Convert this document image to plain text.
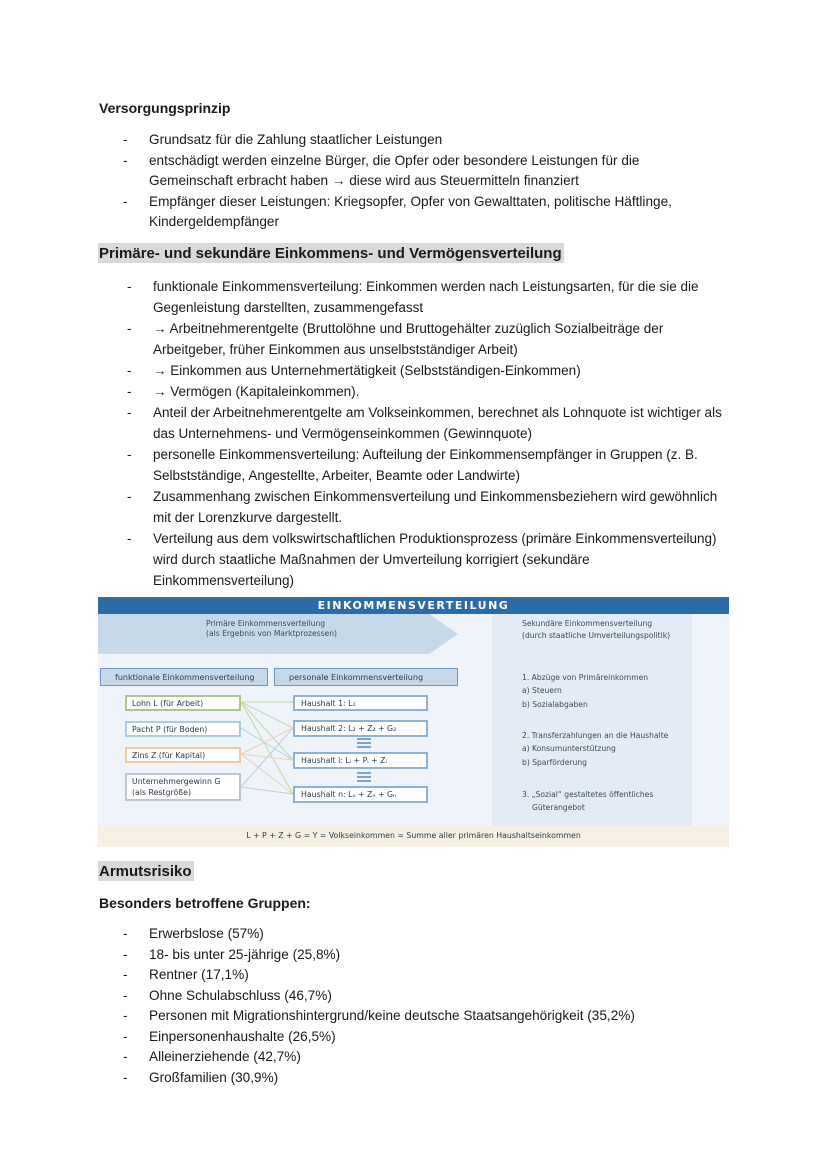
Versorgungsprinzip
- Grundsatz für die Zahlung staatlicher Leistungen
- entschädigt werden einzelne Bürger, die Opfer oder besondere Leistungen für die Gemeinschaft erbracht haben → diese wird aus Steuermitteln finanziert
- Empfänger dieser Leistungen: Kriegsopfer, Opfer von Gewalttaten, politische Häftlinge, Kindergeldempfänger
Primäre- und sekundäre Einkommens- und Vermögensverteilung
- funktionale Einkommensverteilung: Einkommen werden nach Leistungsarten, für die sie die Gegenleistung darstellten, zusammengefasst
- → Arbeitnehmerentgelte (Bruttolöhne und Bruttogehälter zuzüglich Sozialbeiträge der Arbeitgeber, früher Einkommen aus unselbstständiger Arbeit)
- → Einkommen aus Unternehmertätigkeit (Selbstständigen-Einkommen)
- → Vermögen (Kapitaleinkommen).
- Anteil der Arbeitnehmerentgelte am Volkseinkommen, berechnet als Lohnquote ist wichtiger als das Unternehmens- und Vermögenseinkommen (Gewinnquote)
- personelle Einkommensverteilung: Aufteilung der Einkommensempfänger in Gruppen (z. B. Selbstständige, Angestellte, Arbeiter, Beamte oder Landwirte)
- Zusammenhang zwischen Einkommensverteilung und Einkommensbeziehern wird gewöhnlich mit der Lorenzkurve dargestellt.
- Verteilung aus dem volkswirtschaftlichen Produktionsprozess (primäre Einkommensverteilung) wird durch staatliche Maßnahmen der Umverteilung korrigiert (sekundäre Einkommensverteilung)
EINKOMMENSVERTEILUNG
Primäre Einkommensverteilung
(als Ergebnis von Marktprozessen)
Sekundäre Einkommensverteilung
(durch staatliche Umverteilungspolitik)
funktionale Einkommensverteilung	personale Einkommensverteilung
Lohn L (für Arbeit)
Pacht P (für Boden)
Zins Z (für Kapital)
Unternehmergewinn G
(als Restgröße)
Haushalt 1: L₁
Haushalt 2: L₂ + Z₂ + G₂
Haushalt i: Lᵢ + Pᵢ + Zᵢ
Haushalt n: Lₙ + Zₙ + Gₙ
1. Abzüge von Primäreinkommen
a) Steuern
b) Sozialabgaben
2. Transferzahlungen an die Haushalte
a) Konsumunterstützung
b) Sparförderung
3. „Sozial“ gestaltetes öffentliches
Güterangebot
L + P + Z + G = Y = Volkseinkommen = Summe aller primären Haushaltseinkommen
Armutsrisiko
Besonders betroffene Gruppen:
- Erwerbslose (57%)
- 18- bis unter 25-jährige (25,8%)
- Rentner (17,1%)
- Ohne Schulabschluss (46,7%)
- Personen mit Migrationshintergrund/keine deutsche Staatsangehörigkeit (35,2%)
- Einpersonenhaushalte (26,5%)
- Alleinerziehende (42,7%)
- Großfamilien (30,9%)
